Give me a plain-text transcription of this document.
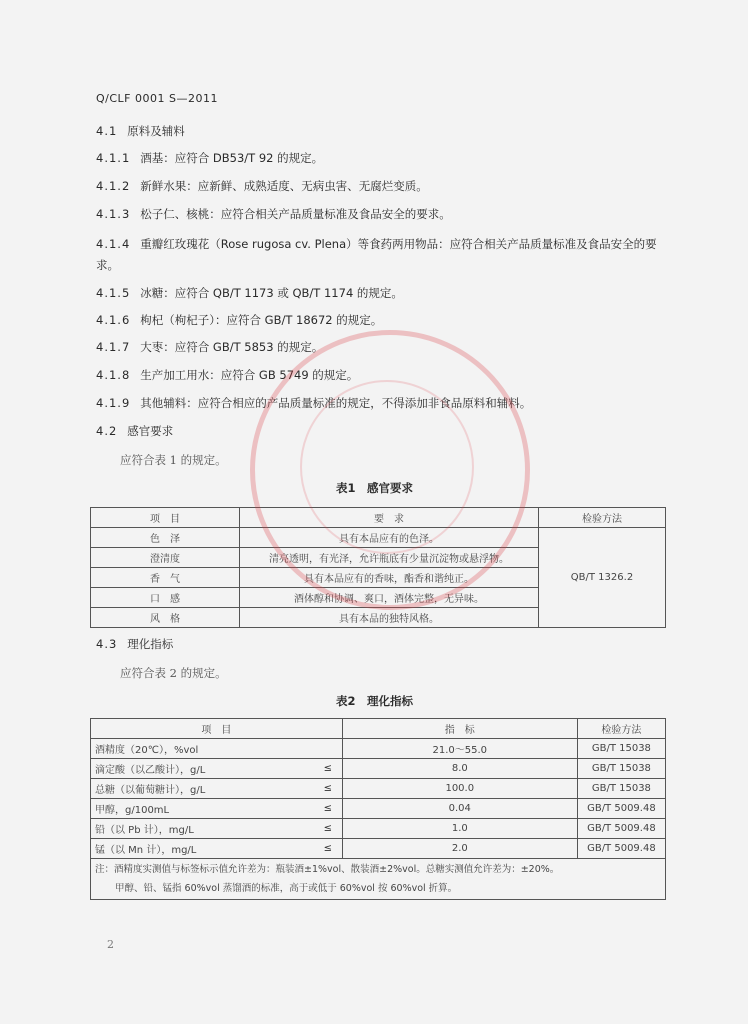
Q/CLF 0001 S—2011
4.1 原料及辅料
4.1.1 酒基：应符合 DB53/T 92 的规定。
4.1.2 新鲜水果：应新鲜、成熟适度、无病虫害、无腐烂变质。
4.1.3 松子仁、核桃：应符合相关产品质量标准及食品安全的要求。
4.1.4 重瓣红玫瑰花（Rose rugosa cv. Plena）等食药两用物品：应符合相关产品质量标准及食品安全的要求。
4.1.5 冰糖：应符合 QB/T 1173 或 QB/T 1174 的规定。
4.1.6 枸杞（枸杞子）：应符合 GB/T 18672 的规定。
4.1.7 大枣：应符合 GB/T 5853 的规定。
4.1.8 生产加工用水：应符合 GB 5749 的规定。
4.1.9 其他辅料：应符合相应的产品质量标准的规定，不得添加非食品原料和辅料。
4.2 感官要求
应符合表 1 的规定。
表1　感官要求
项　目	要　求	检验方法
色　泽	具有本品应有的色泽。	QB/T 1326.2
澄清度	清亮透明，有光泽，允许瓶底有少量沉淀物或悬浮物。	
香　气	具有本品应有的香味，酯香和谐纯正。	
口　感	酒体醇和协调、爽口，酒体完整，无异味。	
风　格	具有本品的独特风格。	
4.3 理化指标
应符合表 2 的规定。
表2　理化指标
项　目		指　标	检验方法
酒精度（20℃），%vol		21.0～55.0	GB/T 15038
滴定酸（以乙酸计），g/L	≤	8.0	GB/T 15038
总糖（以葡萄糖计），g/L	≤	100.0	GB/T 15038
甲醇，g/100mL	≤	0.04	GB/T 5009.48
铅（以 Pb 计），mg/L	≤	1.0	GB/T 5009.48
锰（以 Mn 计），mg/L	≤	2.0	GB/T 5009.48

注：酒精度实测值与标签标示值允许差为：瓶装酒±1%vol、散装酒±2%vol。总糖实测值允许差为：±20%。
甲醇、铅、锰指 60%vol 蒸馏酒的标准，高于或低于 60%vol 按 60%vol 折算。			
2
